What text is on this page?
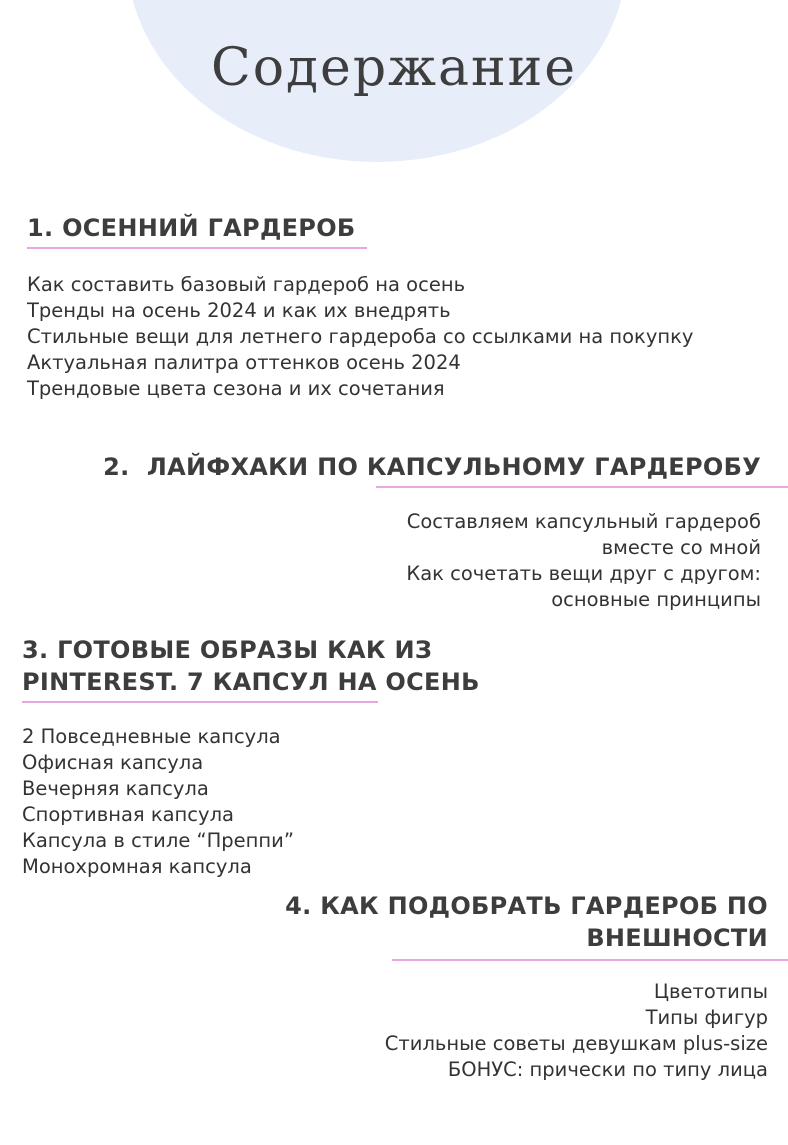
Содержание
1. ОСЕННИЙ ГАРДЕРОБ
Как составить базовый гардероб на осень
Тренды на осень 2024 и как их внедрять
Стильные вещи для летнего гардероба со ссылками на покупку
Актуальная палитра оттенков осень 2024
Трендовые цвета сезона и их сочетания
2.  ЛАЙФХАКИ ПО КАПСУЛЬНОМУ ГАРДЕРОБУ
Составляем капсульный гардероб
вместе со мной
Как сочетать вещи друг с другом:
основные принципы
3. ГОТОВЫЕ ОБРАЗЫ КАК ИЗ PINTEREST. 7 КАПСУЛ НА ОСЕНЬ
2 Повседневные капсула
Офисная капсула
Вечерняя капсула
Спортивная капсула
Капсула в стиле “Преппи”
Монохромная капсула
4. КАК ПОДОБРАТЬ ГАРДЕРОБ ПО ВНЕШНОСТИ
Цветотипы
Типы фигур
Стильные советы девушкам plus-size
БОНУС: прически по типу лица
